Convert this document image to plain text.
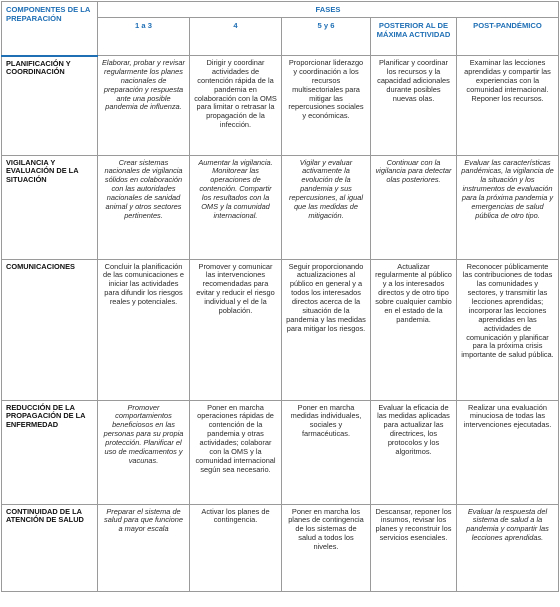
COMPONENTES DE LA PREPARACIÓN	FASES				
	1 a 3	4	5 y 6	POSTERIOR AL DE MÁXIMA ACTIVIDAD	POST-PANDÉMICO
PLANIFICACIÓN Y COORDINACIÓN	Elaborar, probar y revisar regularmente los planes nacionales de preparación y respuesta ante una posible pandemia de influenza.	Dirigir y coordinar actividades de contención rápida de la pandemia en colaboración con la OMS para limitar o retrasar la propagación de la infección.	Proporcionar liderazgo y coordinación a los recursos multisectoriales para mitigar las repercusiones sociales y económicas.	Planificar y coordinar los recursos y la capacidad adicionales durante posibles nuevas olas.	Examinar las lecciones aprendidas y compartir las experiencias con la comunidad internacional. Reponer los recursos.
VIGILANCIA Y EVALUACIÓN DE LA SITUACIÓN	Crear sistemas nacionales de vigilancia sólidos en colaboración con las autoridades nacionales de sanidad animal y otros sectores pertinentes.	Aumentar la vigilancia. Monitorear las operaciones de contención. Compartir los resultados con la OMS y la comunidad internacional.	Vigilar y evaluar activamente la evolución de la pandemia y sus repercusiones, al igual que las medidas de mitigación.	Continuar con la vigilancia para detectar olas posteriores.	Evaluar las características pandémicas, la vigilancia de la situación y los instrumentos de evaluación para la próxima pandemia y emergencias de salud pública de otro tipo.
COMUNICACIONES	Concluir la planificación de las comunicaciones e iniciar las actividades para difundir los riesgos reales y potenciales.	Promover y comunicar las intervenciones recomendadas para evitar y reducir el riesgo individual y el de la población.	Seguir proporcionando actualizaciones al público en general y a todos los interesados directos acerca de la situación de la pandemia y las medidas para mitigar los riesgos.	Actualizar regularmente al público y a los interesados directos y de otro tipo sobre cualquier cambio en el estado de la pandemia.	Reconocer públicamente las contribuciones de todas las comunidades y sectores, y transmitir las lecciones aprendidas; incorporar las lecciones aprendidas en las actividades de comunicación y planificar para la próxima crisis importante de salud pública.
REDUCCIÓN DE LA PROPAGACIÓN DE LA ENFERMEDAD	Promover comportamientos beneficiosos en las personas para su propia protección. Planificar el uso de medicamentos y vacunas.	Poner en marcha operaciones rápidas de contención de la pandemia y otras actividades; colaborar con la OMS y la comunidad internacional según sea necesario.	Poner en marcha medidas individuales, sociales y farmacéuticas.	Evaluar la eficacia de las medidas aplicadas para actualizar las directrices, los protocolos y los algoritmos.	Realizar una evaluación minuciosa de todas las intervenciones ejecutadas.
CONTINUIDAD DE LA ATENCIÓN DE SALUD	Preparar el sistema de salud para que funcione a mayor escala	Activar los planes de contingencia.	Poner en marcha los planes de contingencia de los sistemas de salud a todos los niveles.	Descansar, reponer los insumos, revisar los planes y reconstruir los servicios esenciales.	Evaluar la respuesta del sistema de salud a la pandemia y compartir las lecciones aprendidas.
